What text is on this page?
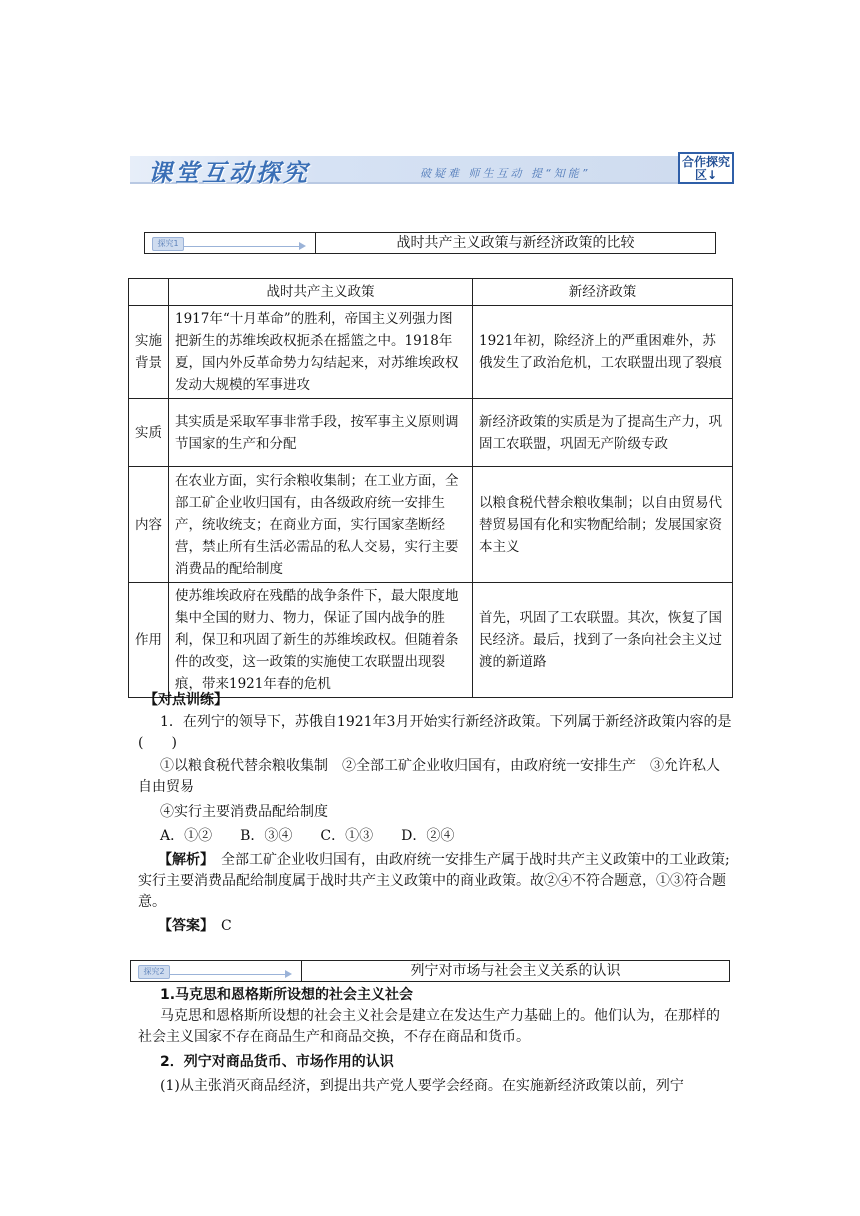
课堂互动探究	破疑难 师生互动 提“知能”
合作探究区↓
探究1	战时共产主义政策与新经济政策的比较
	战时共产主义政策	新经济政策
实施背景	1917年“十月革命”的胜利，帝国主义列强力图把新生的苏维埃政权扼杀在摇篮之中。1918年夏，国内外反革命势力勾结起来，对苏维埃政权发动大规模的军事进攻	1921年初，除经济上的严重困难外，苏俄发生了政治危机，工农联盟出现了裂痕
实质	其实质是采取军事非常手段，按军事主义原则调节国家的生产和分配	新经济政策的实质是为了提高生产力，巩固工农联盟，巩固无产阶级专政
内容	在农业方面，实行余粮收集制；在工业方面，全部工矿企业收归国有，由各级政府统一安排生产，统收统支；在商业方面，实行国家垄断经营，禁止所有生活必需品的私人交易，实行主要消费品的配给制度	以粮食税代替余粮收集制；以自由贸易代替贸易国有化和实物配给制；发展国家资本主义
作用	使苏维埃政府在残酷的战争条件下，最大限度地集中全国的财力、物力，保证了国内战争的胜利，保卫和巩固了新生的苏维埃政权。但随着条件的改变，这一政策的实施使工农联盟出现裂痕，带来1921年春的危机	首先，巩固了工农联盟。其次，恢复了国民经济。最后，找到了一条向社会主义过渡的新道路
【对点训练】
1．在列宁的领导下，苏俄自1921年3月开始实行新经济政策。下列属于新经济政策内容的是(　　)
①以粮食税代替余粮收集制　②全部工矿企业收归国有，由政府统一安排生产　③允许私人自由贸易
④实行主要消费品配给制度
A．①②　　B．③④　　C．①③　　D．②④
【解析】　 全部工矿企业收归国有，由政府统一安排生产属于战时共产主义政策中的工业政策;实行主要消费品配给制度属于战时共产主义政策中的商业政策。故②④不符合题意，①③符合题意。
【答案】　 C
探究2	列宁对市场与社会主义关系的认识
1.马克思和恩格斯所设想的社会主义社会
马克思和恩格斯所设想的社会主义社会是建立在发达生产力基础上的。他们认为，在那样的社会主义国家不存在商品生产和商品交换，不存在商品和货币。
2．列宁对商品货币、市场作用的认识
(1)从主张消灭商品经济，到提出共产党人要学会经商。在实施新经济政策以前，列宁
